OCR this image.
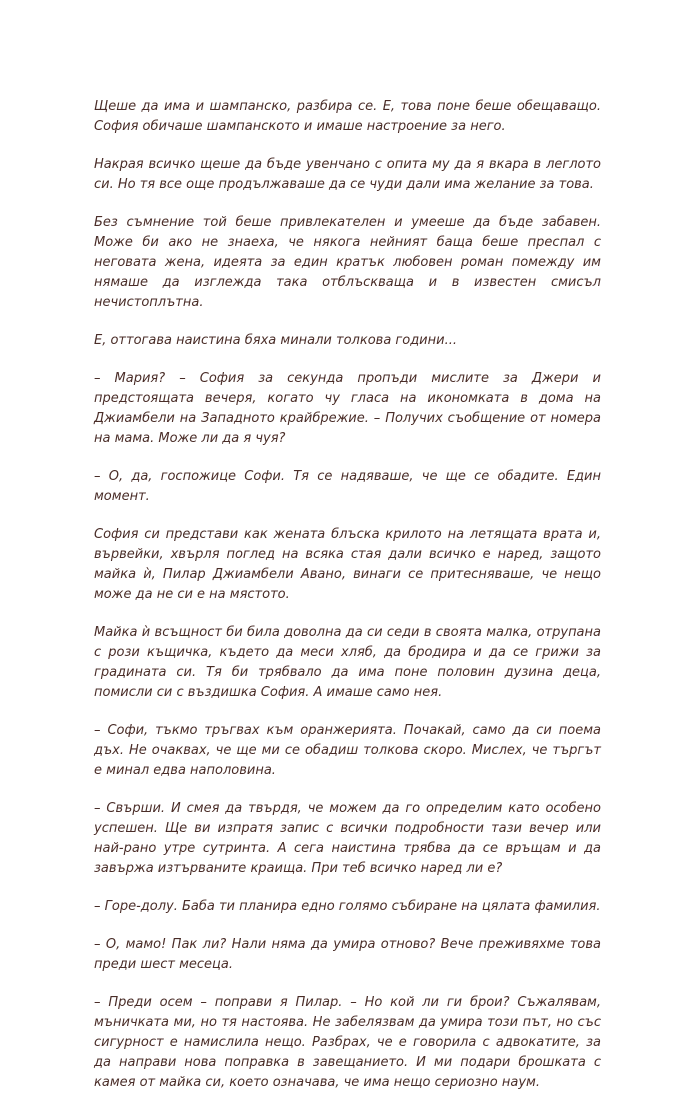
Щеше да има и шампанско, разбира се. Е, това поне беше обещаващо. София обичаше шампанското и имаше настроение за него.

Накрая всичко щеше да бъде увенчано с опита му да я вкара в леглото си. Но тя все още продължаваше да се чуди дали има желание за това.

Без съмнение той беше привлекателен и умееше да бъде забавен. Може би ако не знаеха, че някога нейният баща беше преспал с неговата жена, идеята за един кратък любовен роман помежду им нямаше да изглежда така отблъскваща и в известен смисъл нечистоплътна.

Е, оттогава наистина бяха минали толкова години...

– Мария? – София за секунда пропъди мислите за Джери и предстоящата вечеря, когато чу гласа на икономката в дома на Джиамбели на Западното крайбрежие. – Получих съобщение от номера на мама. Може ли да я чуя?

– О, да, госпожице Софи. Тя се надяваше, че ще се обадите. Един момент.

София си представи как жената блъска крилото на летящата врата и, вървейки, хвърля поглед на всяка стая дали всичко е наред, защото майка ѝ, Пилар Джиамбели Авано, винаги се притесняваше, че нещо може да не си е на мястото.

Майка ѝ всъщност би била доволна да си седи в своята малка, отрупана с рози къщичка, където да меси хляб, да бродира и да се грижи за градината си. Тя би трябвало да има поне половин дузина деца, помисли си с въздишка София. А имаше само нея.

– Софи, тъкмо тръгвах към оранжерията. Почакай, само да си поема дъх. Не очаквах, че ще ми се обадиш толкова скоро. Мислех, че търгът е минал едва наполовина.

– Свърши. И смея да твърдя, че можем да го определим като особено успешен. Ще ви изпратя запис с всички подробности тази вечер или най-рано утре сутринта. А сега наистина трябва да се връщам и да завържа изтърваните краища. При теб всичко наред ли е?

– Горе-долу. Баба ти планира едно голямо събиране на цялата фамилия.

– О, мамо! Пак ли? Нали няма да умира отново? Вече преживяхме това преди шест месеца.

– Преди осем – поправи я Пилар. – Но кой ли ги брои? Съжалявам, мъничката ми, но тя настоява. Не забелязвам да умира този път, но със сигурност е намислила нещо. Разбрах, че е говорила с адвокатите, за да направи нова поправка в завещанието. И ми подари брошката с камея от майка си, което означава, че има нещо сериозно наум.
